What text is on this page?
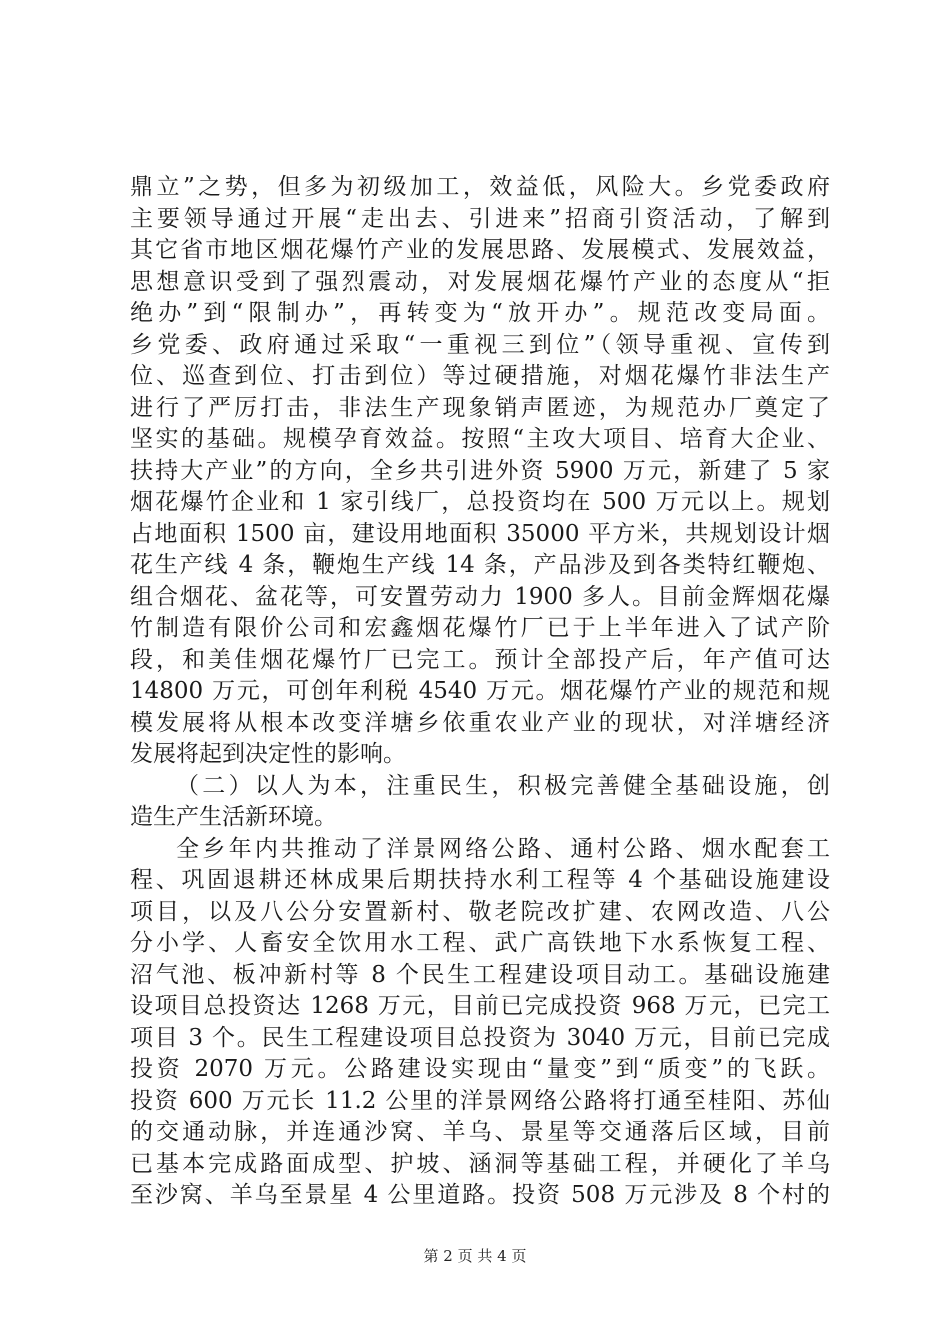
鼎立”之势，但多为初级加工，效益低，风险大。乡党委政府
主要领导通过开展“走出去、引进来”招商引资活动，了解到
其它省市地区烟花爆竹产业的发展思路、发展模式、发展效益，
思想意识受到了强烈震动，对发展烟花爆竹产业的态度从“拒
绝办”到“限制办”，再转变为“放开办”。规范改变局面。
乡党委、政府通过采取“一重视三到位”（领导重视、宣传到
位、巡查到位、打击到位）等过硬措施，对烟花爆竹非法生产
进行了严厉打击，非法生产现象销声匿迹，为规范办厂奠定了
坚实的基础。规模孕育效益。按照“主攻大项目、培育大企业、
扶持大产业”的方向，全乡共引进外资 5900 万元，新建了 5 家
烟花爆竹企业和 1 家引线厂，总投资均在 500 万元以上。规划
占地面积 1500 亩，建设用地面积 35000 平方米，共规划设计烟
花生产线 4 条，鞭炮生产线 14 条，产品涉及到各类特红鞭炮、
组合烟花、盆花等，可安置劳动力 1900 多人。目前金辉烟花爆
竹制造有限价公司和宏鑫烟花爆竹厂已于上半年进入了试产阶
段，和美佳烟花爆竹厂已完工。预计全部投产后，年产值可达
14800 万元，可创年利税 4540 万元。烟花爆竹产业的规范和规
模发展将从根本改变洋塘乡依重农业产业的现状，对洋塘经济
发展将起到决定性的影响。
（二）以人为本，注重民生，积极完善健全基础设施，创
造生产生活新环境。
全乡年内共推动了洋景网络公路、通村公路、烟水配套工
程、巩固退耕还林成果后期扶持水利工程等 4 个基础设施建设
项目，以及八公分安置新村、敬老院改扩建、农网改造、八公
分小学、人畜安全饮用水工程、武广高铁地下水系恢复工程、
沼气池、板冲新村等 8 个民生工程建设项目动工。基础设施建
设项目总投资达 1268 万元，目前已完成投资 968 万元，已完工
项目 3 个。民生工程建设项目总投资为 3040 万元，目前已完成
投资 2070 万元。公路建设实现由“量变”到“质变”的飞跃。
投资 600 万元长 11.2 公里的洋景网络公路将打通至桂阳、苏仙
的交通动脉，并连通沙窝、羊乌、景星等交通落后区域，目前
已基本完成路面成型、护坡、涵洞等基础工程，并硬化了羊乌
至沙窝、羊乌至景星 4 公里道路。投资 508 万元涉及 8 个村的
第 2 页 共 4 页
